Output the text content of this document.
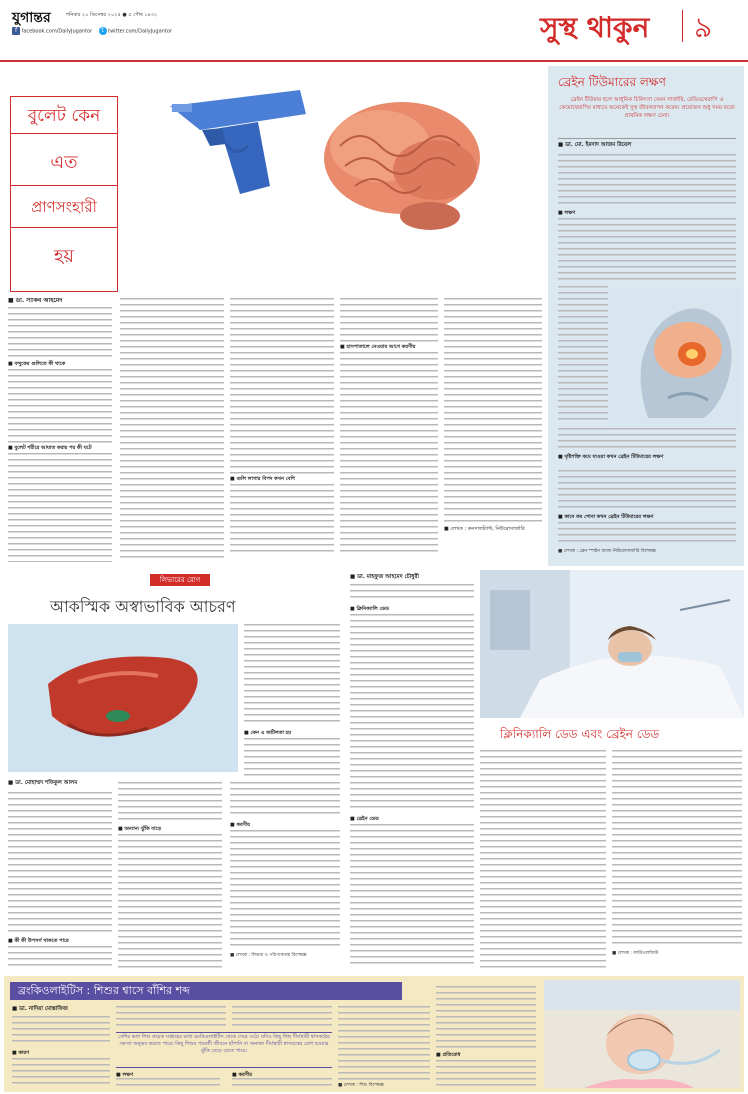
যুগান্তর	শনিবার ২০ ডিসেম্বর ২০২৫ ● ৫ পৌষ ১৪৩২
f facebook.com/DailyJugantor t twitter.com/DailyJugantor	সুস্থ থাকুন ৯
বুলেট কেন
এত
প্রাণসংহারী
হয়
■ ডা. সাকিব আহমেদ
■ বন্দুকের গুলিতে কী থাকে
■ বুলেট শরীরে আঘাত করার পর কী ঘটে
■ গুলি লাগার বিপদ কখন বেশি
■ হাসপাতালে নেওয়ার আগে করণীয়
■ লেখক : কনসালট্যান্ট, নিউরোসার্জারি
ব্রেইন টিউমারের লক্ষণ
ব্রেইন টিউমার হলে আধুনিক চিকিৎসা যেমন সার্জারি, রেডিওথেরাপি ও কেমোথেরাপির মাধ্যমে অনেকেই সুস্থ জীবনযাপন করেন। প্রয়োজন শুধু সময় মতো প্রাথমিক লক্ষণ চেনা।
■ ডা. মো. ইমদাদ আজম রিয়েল
■ লক্ষণ
■ দৃষ্টিশক্তি কমে যাওয়া কখন ব্রেইন টিউমারের লক্ষণ
■ কানে কম শোনা কখন ব্রেইন টিউমারের লক্ষণ
■ লেখক : ব্রেন স্পাইন অ্যান্ড নিউরোসার্জারি বিশেষজ্ঞ
লিভারের রোগ
আকস্মিক অস্বাভাবিক আচরণ
■ কেন এ জটিলতা হয়
■ ডা. মোহাম্মদ শফিকুল আলম
■ কী কী উপসর্গ থাকতে পারে
■ অন্যান্য ঝুঁকি বাড়ে
■ করণীয়
■ লেখক : লিভার ও পরিপাকতন্ত্র বিশেষজ্ঞ
■ ডা. মাহফুজ আহমেদ চৌধুরী
■ ক্লিনিক্যালি ডেড
ক্লিনিক্যালি ডেড এবং ব্রেইন ডেড
■ ব্রেইন ডেড
■ লেখক : কার্ডিওলজিস্ট
ব্রংকিওলাইটিস : শিশুর শ্বাসে বাঁশির শব্দ
■ ডা. নাদিয়া মোস্তাফিজ
■ কারণ
বেশির ভাগ শিশু কয়েক সপ্তাহের মধ্যে ব্রংকিওলাইটিস থেকে সেরে ওঠে। যদিও কিছু শিশু দীর্ঘস্থায়ী শ্বাসকষ্টের সমস্যা অনুভব করতে পারে। কিছু শিশুর পরবর্তী জীবনে হাঁপানি বা অন্যান্য দীর্ঘস্থায়ী শ্বাসযন্ত্রের রোগ হওয়ার ঝুঁকি বেড়ে যেতে পারে।
■ লক্ষণ	■ করণীয়
■ লেখক : শিশু বিশেষজ্ঞ
■ প্রতিরোধ
